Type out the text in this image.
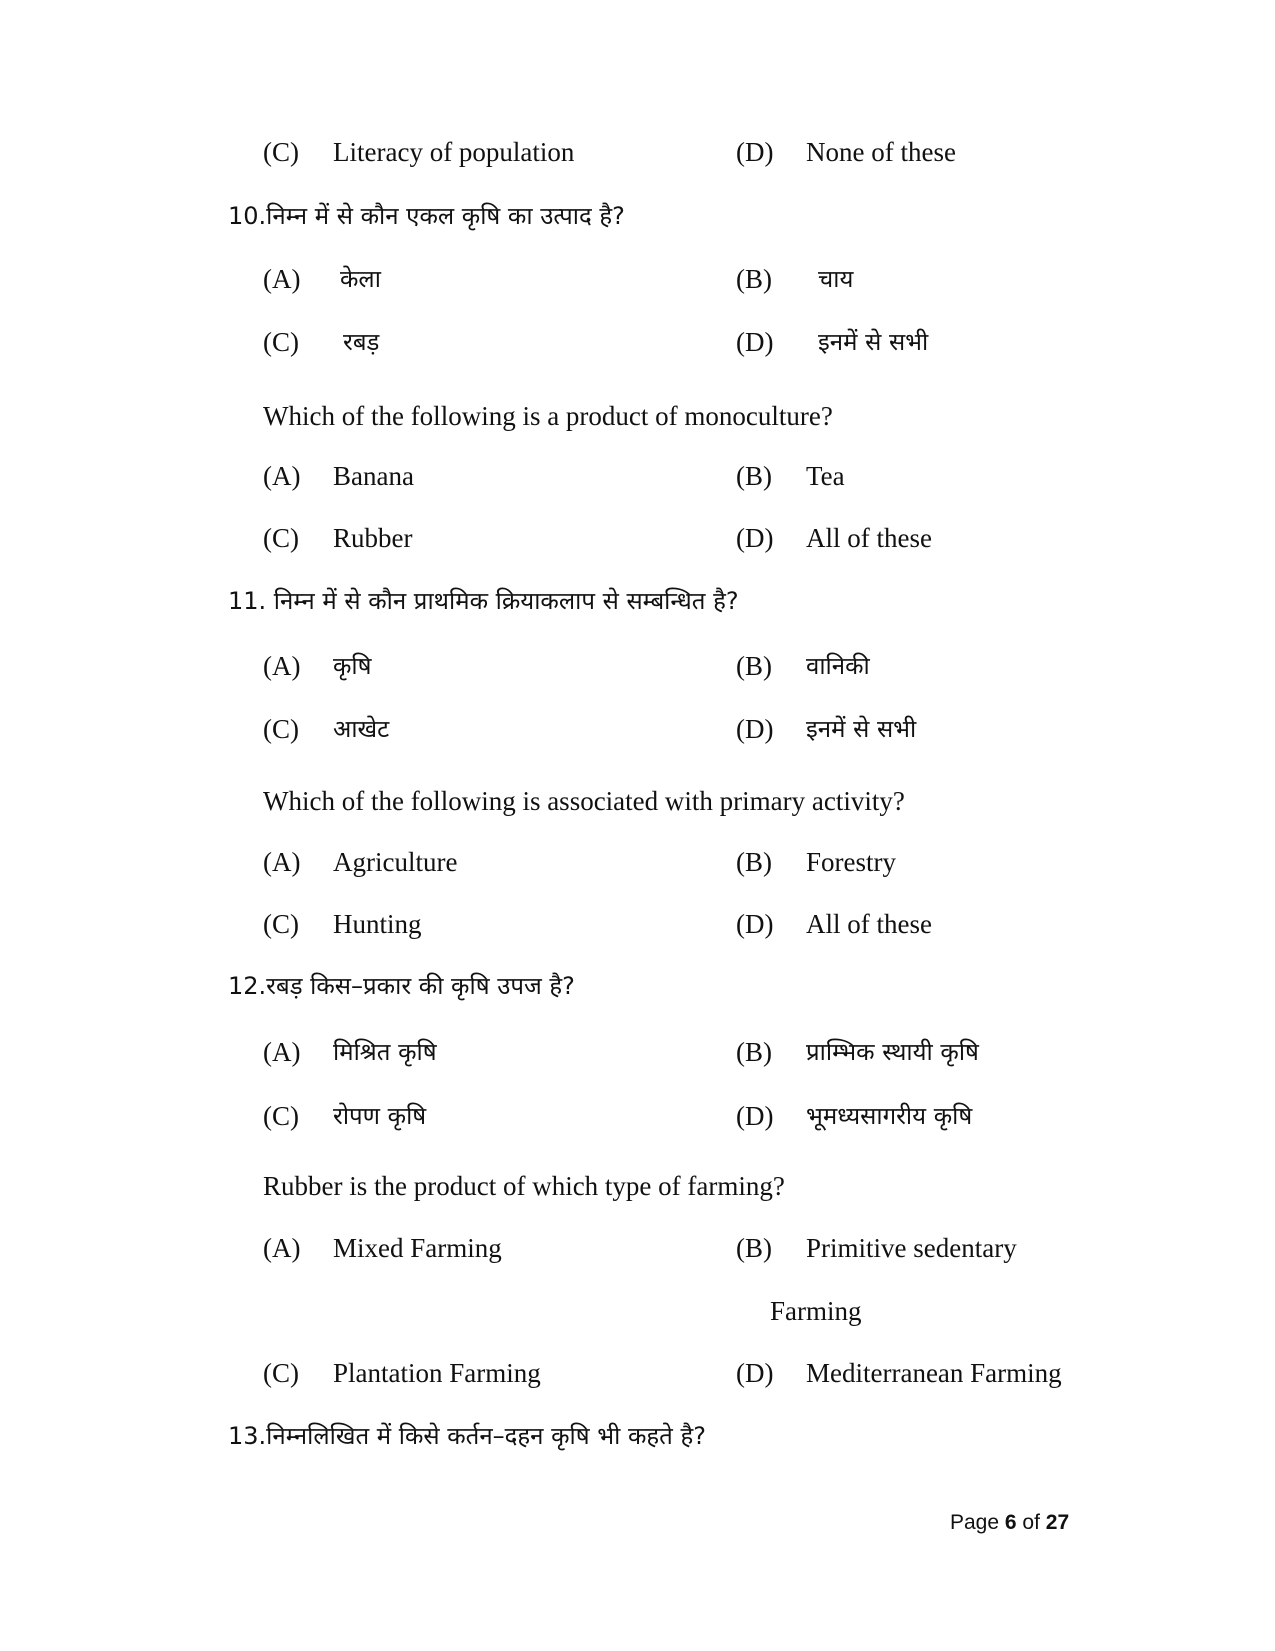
(C) Literacy of population	(D) None of these
10.निम्न में से कौन एकल कृषि का उत्पाद है?
(A) केला	(B) चाय
(C) रबड़	(D) इनमें से सभी
Which of the following is a product of monoculture?
(A) Banana	(B) Tea
(C) Rubber	(D) All of these
11. निम्न में से कौन प्राथमिक क्रियाकलाप से सम्बन्धित है?
(A) कृषि	(B) वानिकी
(C) आखेट	(D) इनमें से सभी
Which of the following is associated with primary activity?
(A) Agriculture	(B) Forestry
(C) Hunting	(D) All of these
12.रबड़ किस–प्रकार की कृषि उपज है?
(A) मिश्रित कृषि	(B) प्राम्भिक स्थायी कृषि
(C) रोपण कृषि	(D) भूमध्यसागरीय कृषि
Rubber is the product of which type of farming?
(A) Mixed Farming	(B) Primitive sedentary
Farming
(C) Plantation Farming	(D) Mediterranean Farming
13.निम्नलिखित में किसे कर्तन–दहन कृषि भी कहते है?
Page 6 of 27
